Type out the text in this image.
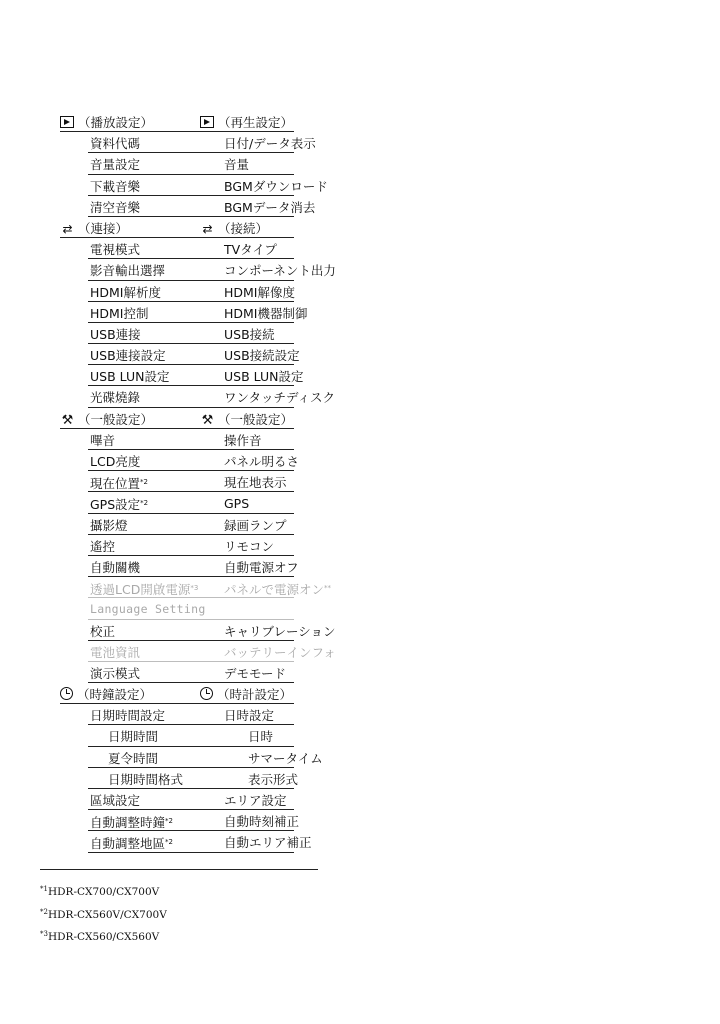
（播放設定）	（再生設定）
資料代碼	日付/データ表示
音量設定	音量
下載音樂	BGMダウンロード
清空音樂	BGMデータ消去
⇄ （連接）	⇄ （接続）
電視模式	TVタイプ
影音輸出選擇	コンポーネント出力
HDMI解析度	HDMI解像度
HDMI控制	HDMI機器制御
USB連接	USB接続
USB連接設定	USB接続設定
USB LUN設定	USB LUN設定
光碟燒錄	ワンタッチディスク
⚒ （一般設定）	⚒ （一般設定）
嗶音	操作音
LCD亮度	パネル明るさ
現在位置$^{*2}$	現在地表示
GPS設定$^{*2}$	GPS
攝影燈	録画ランプ
遙控	リモコン
自動關機	自動電源オフ
透過LCD開啟電源$^{*3}$ パネルで電源オン**
Language Setting
校正	キャリブレーション
電池資訊	バッテリーインフォ
演示模式	デモモード
（時鐘設定）	（時計設定）
日期時間設定	日時設定
日期時間	日時
夏令時間	サマータイム
日期時間格式	表示形式
區域設定	エリア設定
自動調整時鐘$^{*2}$	自動時刻補正
自動調整地區$^{*2}$	自動エリア補正
$^{*1}$HDR-CX700/CX700V
$^{*2}$HDR-CX560V/CX700V
$^{*3}$HDR-CX560/CX560V
